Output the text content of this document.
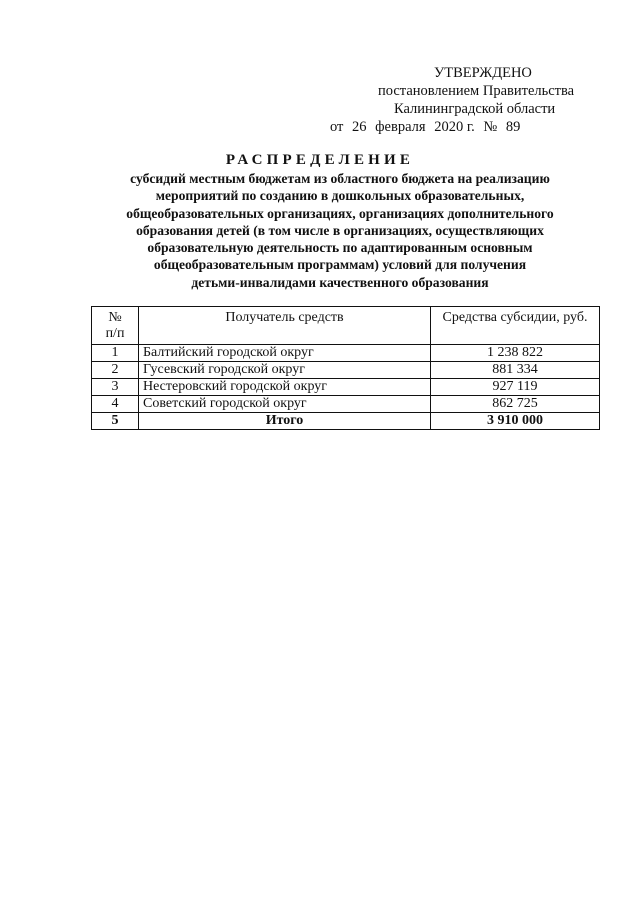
УТВЕРЖДЕНО
постановлением Правительства
Калининградской области
от 26 февраля 2020 г. № 89
РАСПРЕДЕЛЕНИЕ
субсидий местным бюджетам из областного бюджета на реализацию
мероприятий по созданию в дошкольных образовательных,
общеобразовательных организациях, организациях дополнительного
образования детей (в том числе в организациях, осуществляющих
образовательную деятельность по адаптированным основным
общеобразовательным программам) условий для получения
детьми-инвалидами качественного образования
№
п/п	Получатель средств	Средства субсидии, руб.
1	Балтийский городской округ	1 238 822
2	Гусевский городской округ	881 334
3	Нестеровский городской округ	927 119
4	Советский городской округ	862 725
5	Итого	3 910 000
